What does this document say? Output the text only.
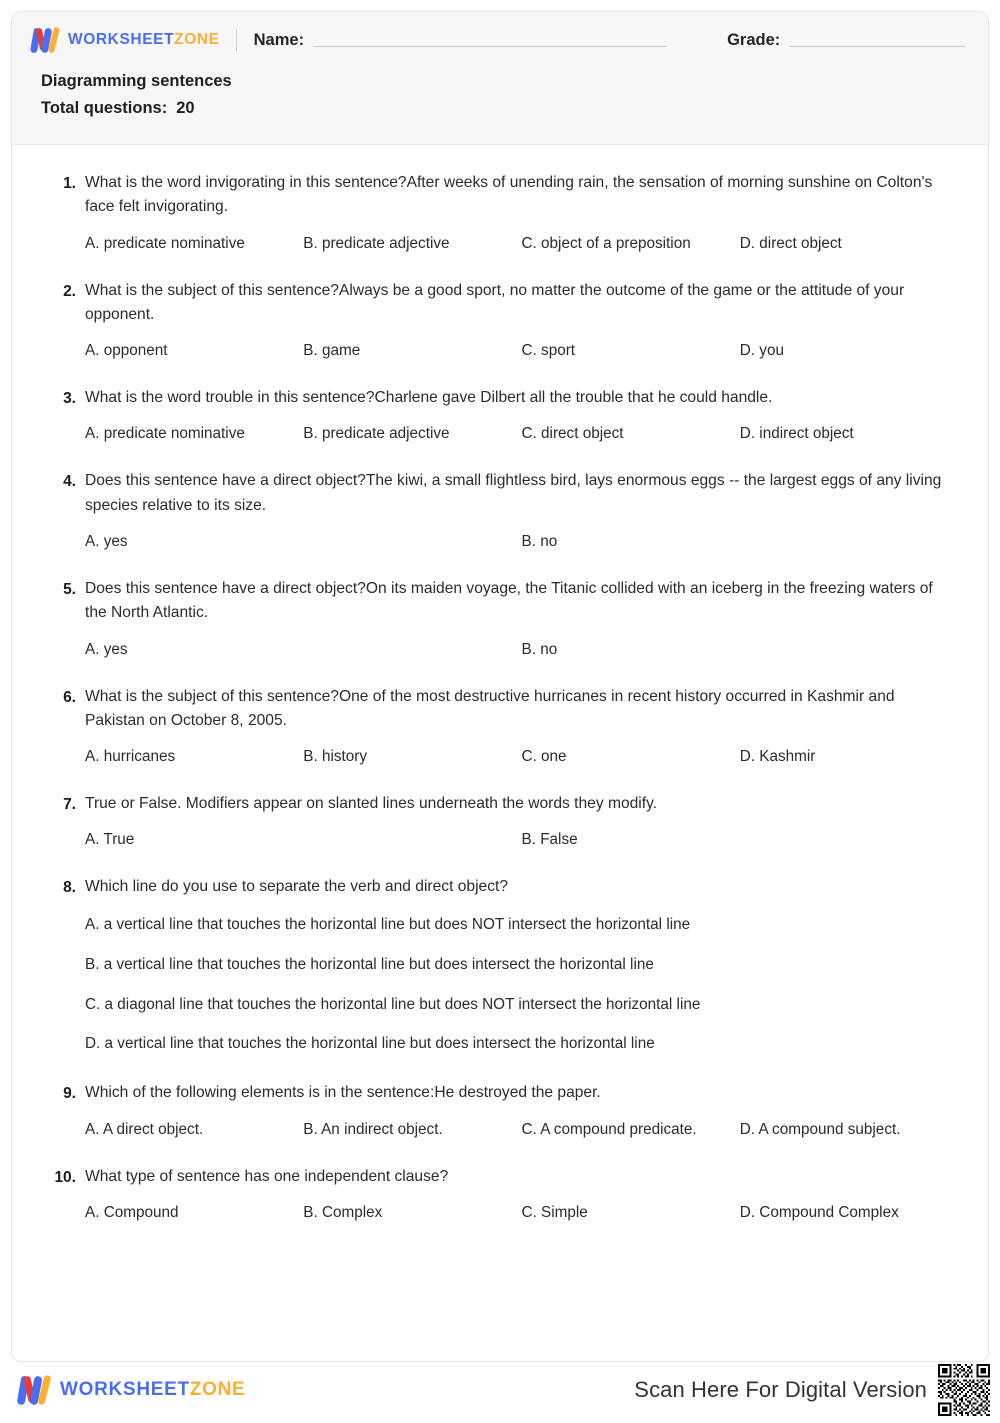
WORKSHEETZONE Name:	Grade:
Diagramming sentences
Total questions: 20
1. What is the word invigorating in this sentence?After weeks of unending rain, the sensation of morning sunshine on Colton's face felt invigorating.

A. predicate nominative	B. predicate adjective	C. object of a preposition	D. direct object
2. What is the subject of this sentence?Always be a good sport, no matter the outcome of the game or the attitude of your opponent.

A. opponent	B. game	C. sport	D. you
3. What is the word trouble in this sentence?Charlene gave Dilbert all the trouble that he could handle.

A. predicate nominative	B. predicate adjective	C. direct object	D. indirect object
4. Does this sentence have a direct object?The kiwi, a small flightless bird, lays enormous eggs -- the largest eggs of any living species relative to its size.

A. yes	B. no
5. Does this sentence have a direct object?On its maiden voyage, the Titanic collided with an iceberg in the freezing waters of the North Atlantic.

A. yes	B. no
6. What is the subject of this sentence?One of the most destructive hurricanes in recent history occurred in Kashmir and Pakistan on October 8, 2005.

A. hurricanes	B. history	C. one	D. Kashmir
7. True or False. Modifiers appear on slanted lines underneath the words they modify.

A. True	B. False
8. Which line do you use to separate the verb and direct object?

A. a vertical line that touches the horizontal line but does NOT intersect the horizontal line
B. a vertical line that touches the horizontal line but does intersect the horizontal line
C. a diagonal line that touches the horizontal line but does NOT intersect the horizontal line
D. a vertical line that touches the horizontal line but does intersect the horizontal line
9. Which of the following elements is in the sentence:He destroyed the paper.

A. A direct object.	B. An indirect object.	C. A compound predicate.	D. A compound subject.
10. What type of sentence has one independent clause?

A. Compound	B. Complex	C. Simple	D. Compound Complex
WORKSHEETZONE	Scan Here For Digital Version
